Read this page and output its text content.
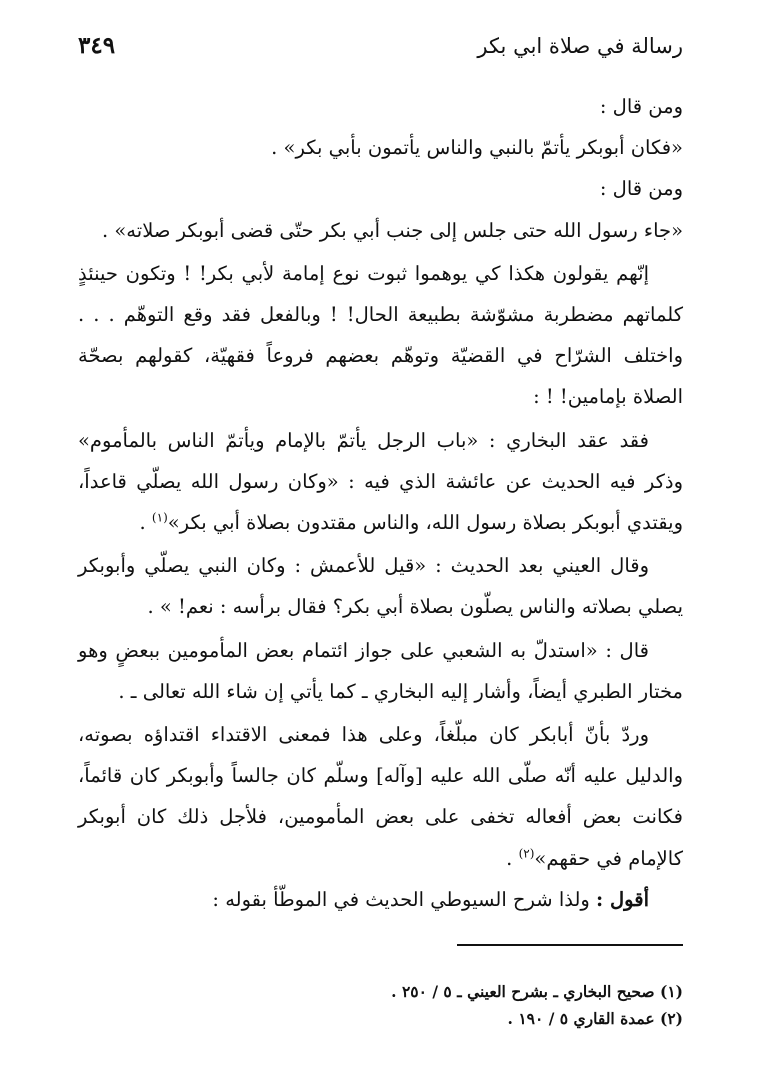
٣٤٩	رسالة في صلاة ابي بكر

ومن قال :

«فكان أبوبكر يأتمّ بالنبي والناس يأتمون بأبي بكر» .

ومن قال :

«جاء رسول الله حتى جلس إلى جنب أبي بكر حتّى قضى أبوبكر صلاته» .

إنّهم يقولون هكذا كي يوهموا ثبوت نوع إمامة لأبي بكر! ! وتكون حينئذٍ كلماتهم مضطربة مشوّشة بطبيعة الحال! ! وبالفعل فقد وقع التوهّم . . . واختلف الشرّاح في القضيّة وتوهّم بعضهم فروعاً فقهيّة، كقولهم بصحّة الصلاة بإمامين! ! :

فقد عقد البخاري : «باب الرجل يأتمّ بالإمام ويأتمّ الناس بالمأموم» وذكر فيه الحديث عن عائشة الذي فيه : «وكان رسول الله يصلّي قاعداً، ويقتدي أبوبكر بصلاة رسول الله، والناس مقتدون بصلاة أبي بكر»$^{(١)}$ .

وقال العيني بعد الحديث : «قيل للأعمش : وكان النبي يصلّي وأبوبكر يصلي بصلاته والناس يصلّون بصلاة أبي بكر؟ فقال برأسه : نعم! » .

قال : «استدلّ به الشعبي على جواز ائتمام بعض المأمومين ببعضٍ وهو مختار الطبري أيضاً، وأشار إليه البخاري ـ كما يأتي إن شاء الله تعالى ـ .

وردّ بأنّ أبابكر كان مبلّغاً، وعلى هذا فمعنى الاقتداء اقتداؤه بصوته، والدليل عليه أنّه صلّى الله عليه [وآله] وسلّم كان جالساً وأبوبكر كان قائماً، فكانت بعض أفعاله تخفى على بعض المأمومين، فلأجل ذلك كان أبوبكر كالإمام في حقهم»$^{(٢)}$ .

أقول : ولذا شرح السيوطي الحديث في الموطّأ بقوله :

(١) صحيح البخاري ـ بشرح العيني ـ ٥ / ٢٥٠ .

(٢) عمدة القاري ٥ / ١٩٠ .
